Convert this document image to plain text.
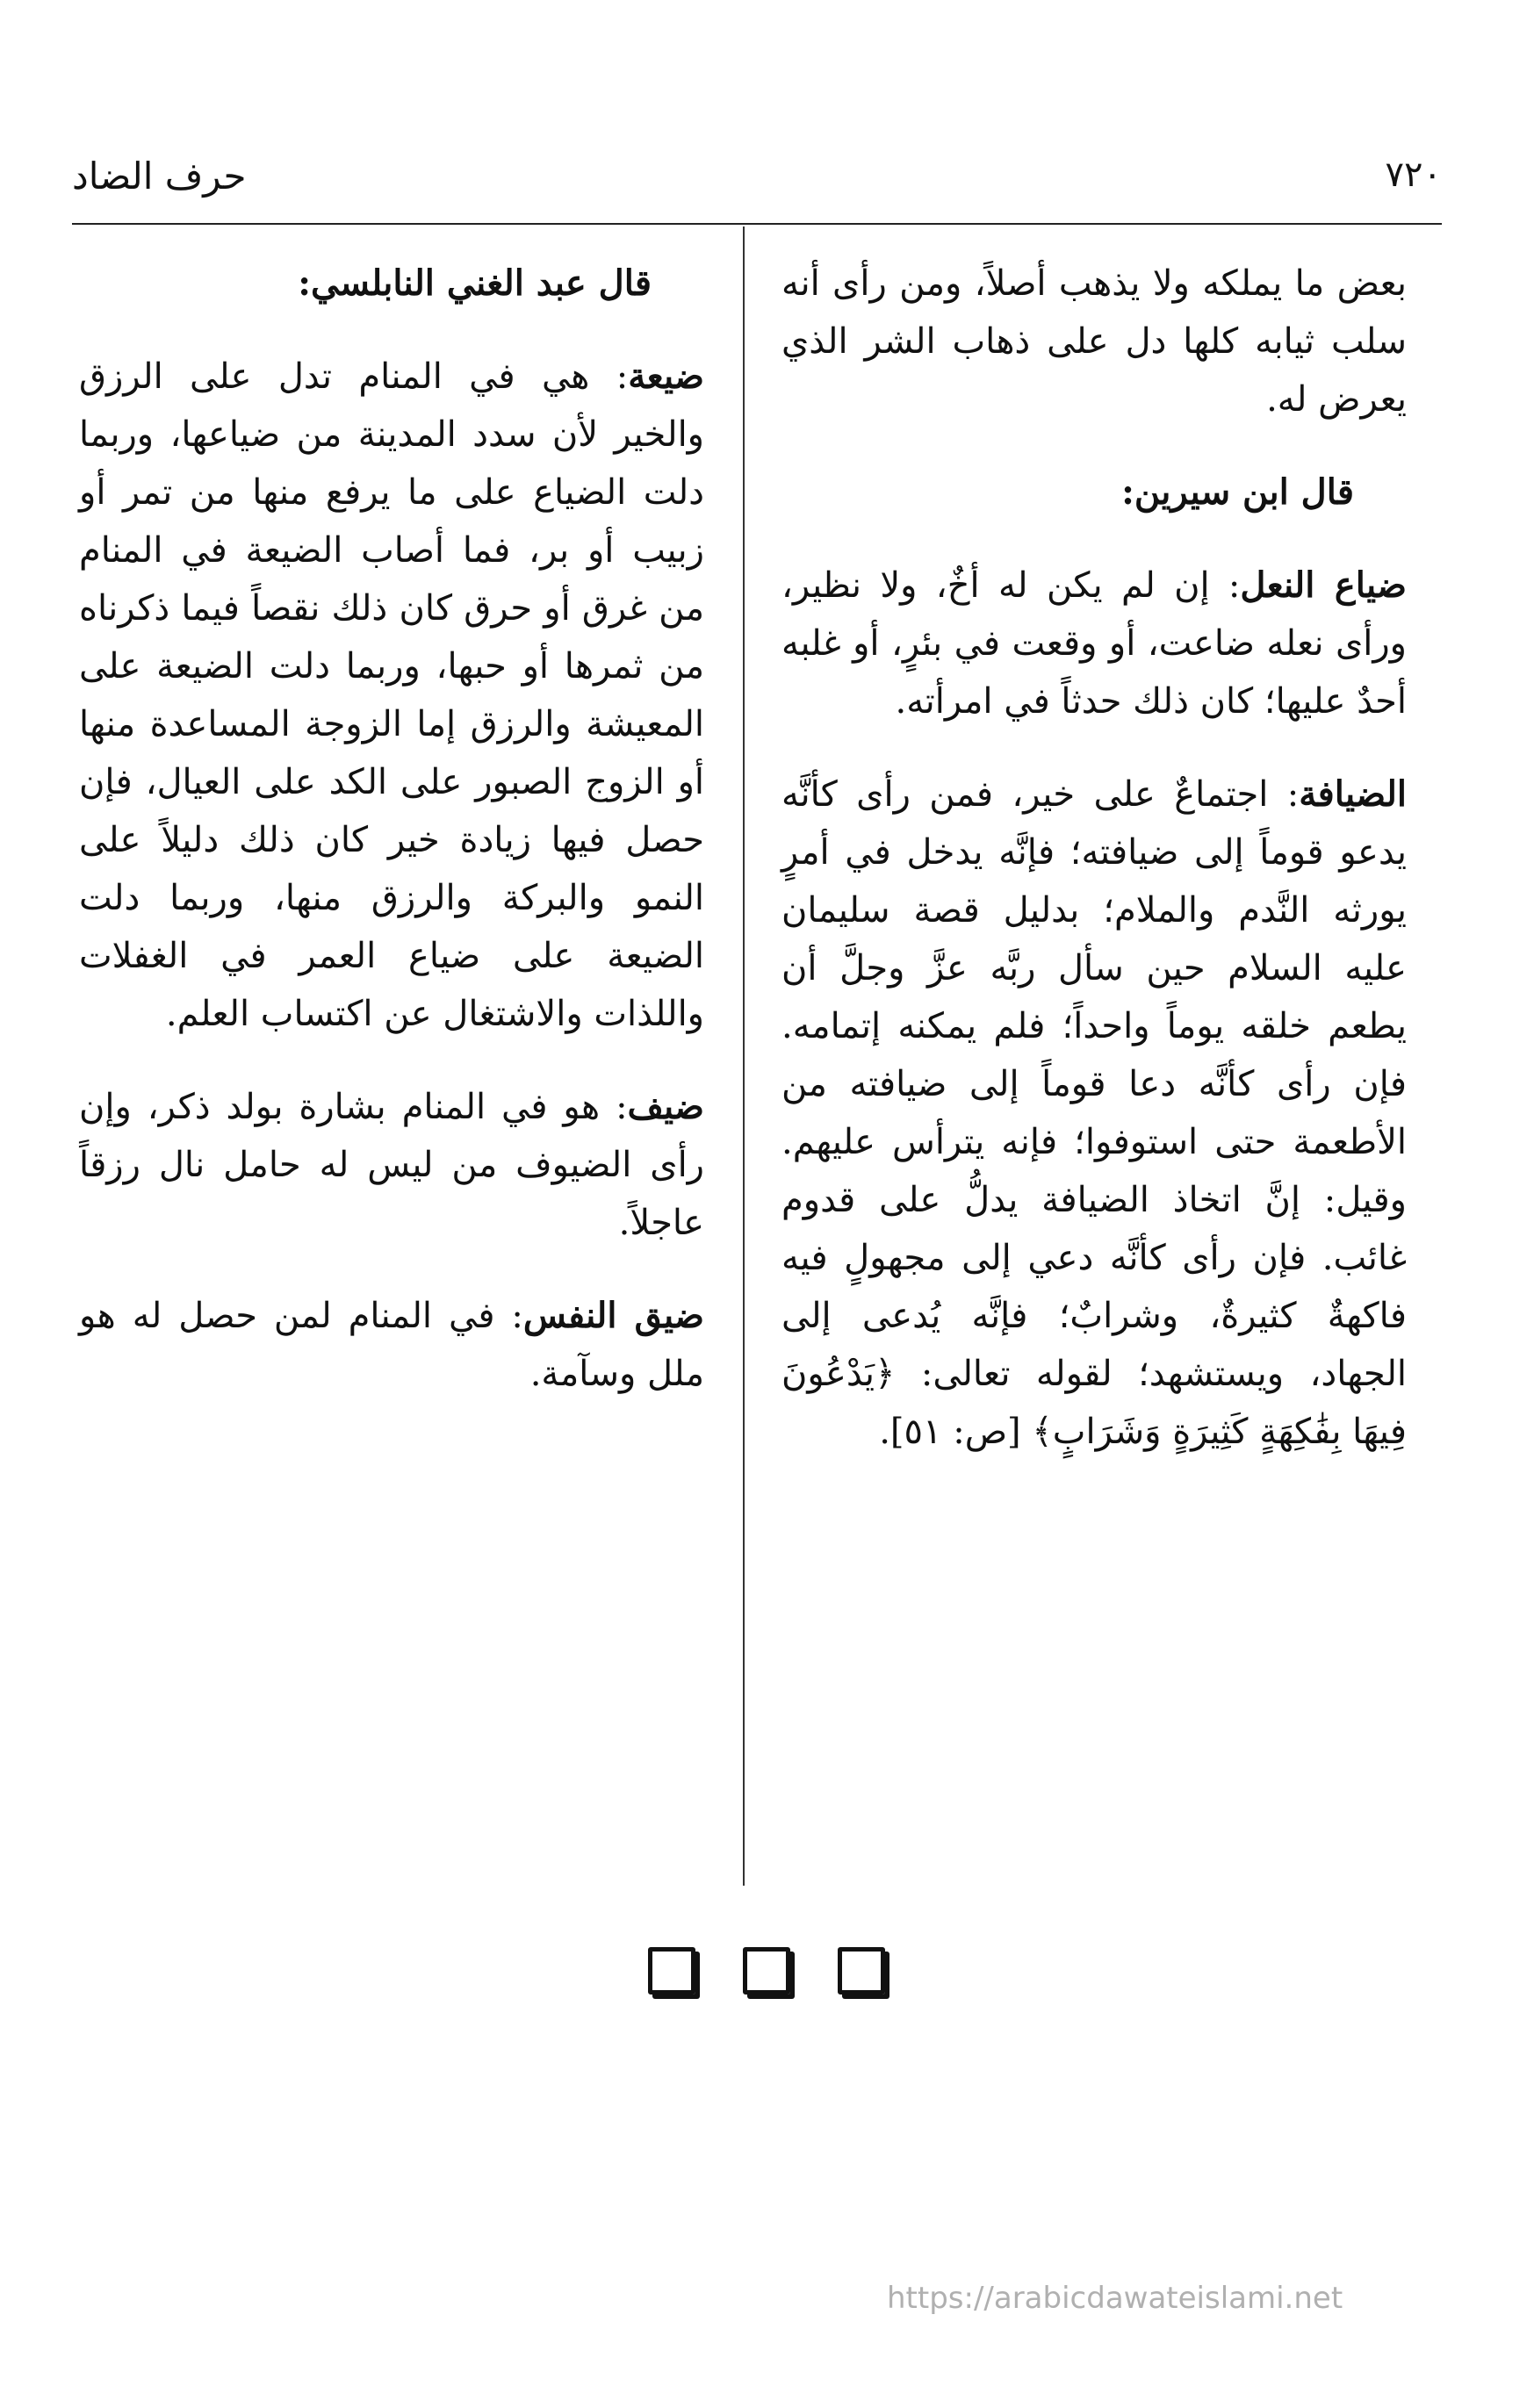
٧٢٠
حرف الضاد

بعض ما يملكه ولا يذهب أصلاً، ومن رأى أنه سلب ثيابه كلها دل على ذهاب الشر الذي يعرض له.

قال ابن سيرين:

ضياع النعل: إن لم يكن له أخٌ، ولا نظير، ورأى نعله ضاعت، أو وقعت في بئرٍ، أو غلبه أحدٌ عليها؛ كان ذلك حدثاً في امرأته.

الضيافة: اجتماعٌ على خير، فمن رأى كأنَّه يدعو قوماً إلى ضيافته؛ فإنَّه يدخل في أمرٍ يورثه النَّدم والملام؛ بدليل قصة سليمان عليه السلام حين سأل ربَّه عزَّ وجلَّ أن يطعم خلقه يوماً واحداً؛ فلم يمكنه إتمامه. فإن رأى كأنَّه دعا قوماً إلى ضيافته من الأطعمة حتى استوفوا؛ فإنه يترأس عليهم. وقيل: إنَّ اتخاذ الضيافة يدلُّ على قدوم غائب. فإن رأى كأنَّه دعي إلى مجهولٍ فيه فاكهةٌ كثيرةٌ، وشرابٌ؛ فإنَّه يُدعى إلى الجهاد، ويستشهد؛ لقوله تعالى: ﴿يَدْعُونَ فِيهَا بِفَٰكِهَةٍ كَثِيرَةٍ وَشَرَابٍ﴾ [ص: ٥١].

قال عبد الغني النابلسي:

ضيعة: هي في المنام تدل على الرزق والخير لأن سدد المدينة من ضياعها، وربما دلت الضياع على ما يرفع منها من تمر أو زبيب أو بر، فما أصاب الضيعة في المنام من غرق أو حرق كان ذلك نقصاً فيما ذكرناه من ثمرها أو حبها، وربما دلت الضيعة على المعيشة والرزق إما الزوجة المساعدة منها أو الزوج الصبور على الكد على العيال، فإن حصل فيها زيادة خير كان ذلك دليلاً على النمو والبركة والرزق منها، وربما دلت الضيعة على ضياع العمر في الغفلات واللذات والاشتغال عن اكتساب العلم.

ضيف: هو في المنام بشارة بولد ذكر، وإن رأى الضيوف من ليس له حامل نال رزقاً عاجلاً.

ضيق النفس: في المنام لمن حصل له هو ملل وسآمة.

https://arabicdawateislami.net
